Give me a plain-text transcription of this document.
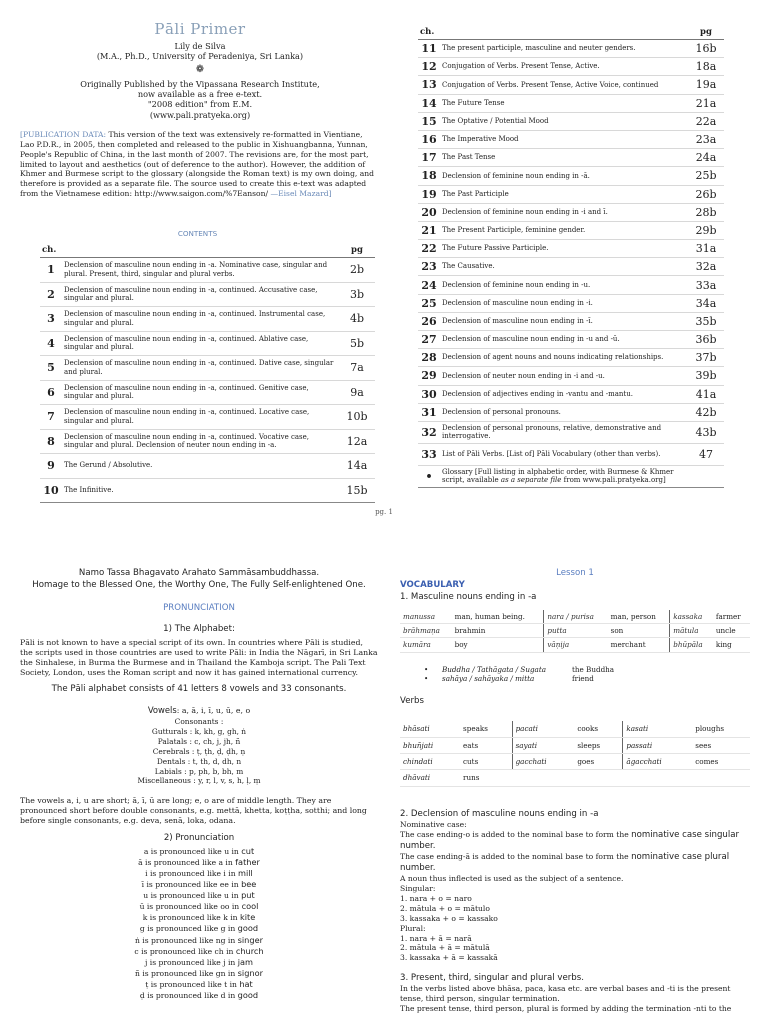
Pāli Primer
Lily de Silva
(M.A., Ph.D., University of Peradeniya, Sri Lanka)
❁
Originally Published by the Vipassana Research Institute,
now available as a free e-text.
"2008 edition" from E.M.
(www.pali.pratyeka.org)
[PUBLICATION DATA: This version of the text was extensively re-formatted in Vientiane, Lao P.D.R., in 2005, then completed and released to the public in Xishuangbanna, Yunnan, People's Republic of China, in the last month of 2007. The revisions are, for the most part, limited to layout and aesthetics (out of deference to the author). However, the addition of Khmer and Burmese script to the glossary (alongside the Roman text) is my own doing, and therefore is provided as a separate file. The source used to create this e-text was adapted from the Vietnamese edition: http://www.saigon.com/%7Eanson/ —Eisel Mazard]
CONTENTS
ch.		pg
1	Declension of masculine noun ending in -a. Nominative case, singular and plural. Present, third, singular and plural verbs.	2b
2	Declension of masculine noun ending in -a, continued. Accusative case, singular and plural.	3b
3	Declension of masculine noun ending in -a, continued. Instrumental case, singular and plural.	4b
4	Declension of masculine noun ending in -a, continued. Ablative case, singular and plural.	5b
5	Declension of masculine noun ending in -a, continued. Dative case, singular and plural.	7a
6	Declension of masculine noun ending in -a, continued. Genitive case, singular and plural.	9a
7	Declension of masculine noun ending in -a, continued. Locative case, singular and plural.	10b
8	Declension of masculine noun ending in -a, continued. Vocative case, singular and plural. Declension of neuter noun ending in -a.	12a
9	The Gerund / Absolutive.	14a
10	The Infinitive.	15b
ch.		pg
11	The present participle, masculine and neuter genders.	16b
12	Conjugation of Verbs. Present Tense, Active.	18a
13	Conjugation of Verbs. Present Tense, Active Voice, continued	19a
14	The Future Tense	21a
15	The Optative / Potential Mood	22a
16	The Imperative Mood	23a
17	The Past Tense	24a
18	Declension of feminine noun ending in -ā.	25b
19	The Past Participle	26b
20	Declension of feminine noun ending in -i and ī.	28b
21	The Present Participle, feminine gender.	29b
22	The Future Passive Participle.	31a
23	The Causative.	32a
24	Declension of feminine noun ending in -u.	33a
25	Declension of masculine noun ending in -i.	34a
26	Declension of masculine noun ending in -ī.	35b
27	Declension of masculine noun ending in -u and -ū.	36b
28	Declension of agent nouns and nouns indicating relationships.	37b
29	Declension of neuter noun ending in -i and -u.	39b
30	Declension of adjectives ending in -vantu and -mantu.	41a
31	Declension of personal pronouns.	42b
32	Declension of personal pronouns, relative, demonstrative and interrogative.	43b
33	List of Pāli Verbs. [List of] Pāli Vocabulary (other than verbs).	47
•	Glossary [Full listing in alphabetic order, with Burmese & Khmer script, available as a separate file from www.pali.pratyeka.org]	
pg. 1
Namo Tassa Bhagavato Arahato Sammāsambuddhassa.
Homage to the Blessed One, the Worthy One, The Fully Self-enlightened One.
PRONUNCIATION
1) The Alphabet:
Pāli is not known to have a special script of its own. In countries where Pāli is studied, the scripts used in those countries are used to write Pāli: in India the Nāgarī, in Sri Lanka the Sinhalese, in Burma the Burmese and in Thailand the Kamboja script. The Pali Text Society, London, uses the Roman script and now it has gained international currency.
The Pāli alphabet consists of 41 letters 8 vowels and 33 consonants.
Vowels: a, ā, i, ī, u, ū, e, o
Consonants :
Gutturals : k, kh, g, gh, ṅ
Palatals : c, ch, j, jh, ñ
Cerebrals : ṭ, ṭh, ḍ, ḍh, ṇ
Dentals : t, th, d, dh, n
Labials : p, ph, b, bh, m
Miscellaneous : y, r, l, v, s, h, ḷ, ṃ
The vowels a, i, u are short; ā, ī, ū are long; e, o are of middle length. They are pronounced short before double consonants, e.g. mettā, khetta, koṭṭha, sotthi; and long before single consonants, e.g. deva, senā, loka, odana.
2) Pronunciation
a is pronounced like u in cut
ā is pronounced like a in father
i is pronounced like i in mill
ī is pronounced like ee in bee
u is pronounced like u in put
ū is pronounced like oo in cool
k is pronounced like k in kite
g is pronounced like g in good
ṅ is pronounced like ng in singer
c is pronounced like ch in church
j is pronounced like j in jam
ñ is pronounced like gn in signor
ṭ is pronounced like t in hat
ḍ is pronounced like d in good
Lesson 1
VOCABULARY
1. Masculine nouns ending in -a
manussa	man, human being.	nara / purisa	man, person	kassaka	farmer
brāhmaṇa	brahmin	putta	son	mātula	uncle
kumāra	boy	vāṇija	merchant	bhūpāla	king
•	Buddha / Tathāgata / Sugata	the Buddha
•	sahāya / sahāyaka / mitta	friend
Verbs
bhāsati	speaks	pacati	cooks	kasati	ploughs
bhuñjati	eats	sayati	sleeps	passati	sees
chindati	cuts	gacchati	goes	āgacchati	comes
dhāvati	runs				
2. Declension of masculine nouns ending in -a
Nominative case:
The case ending-o is added to the nominal base to form the nominative case singular number.
The case ending-ā is added to the nominal base to form the nominative case plural number.
A noun thus inflected is used as the subject of a sentence.
Singular:
1. nara + o = naro
2. mātula + o = mātulo
3. kassaka + o = kassako
Plural:
1. nara + ā = narā
2. mātula + ā = mātulā
3. kassaka + ā = kassakā
3. Present, third, singular and plural verbs.
In the verbs listed above bhāsa, paca, kasa etc. are verbal bases and -ti is the present tense, third person, singular termination.
The present tense, third person, plural is formed by adding the termination -nti to the
